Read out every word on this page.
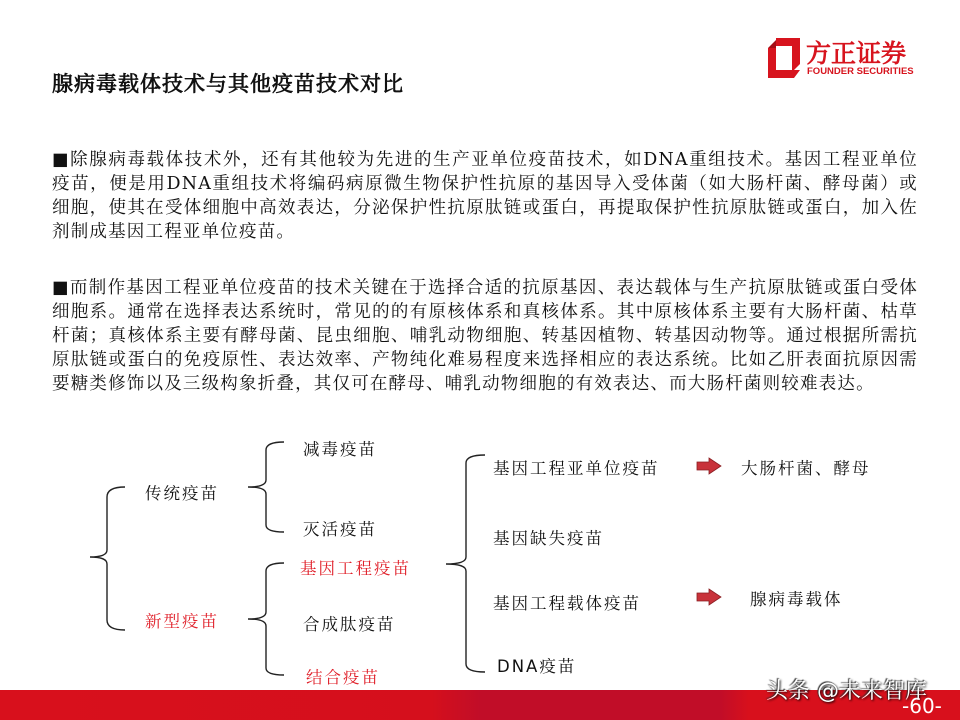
腺病毒载体技术与其他疫苗技术对比
方正证券
FOUNDER SECURITIES
■除腺病毒载体技术外，还有其他较为先进的生产亚单位疫苗技术，如DNA重组技术。基因工程亚单位疫苗，便是用DNA重组技术将编码病原微生物保护性抗原的基因导入受体菌（如大肠杆菌、酵母菌）或细胞，使其在受体细胞中高效表达，分泌保护性抗原肽链或蛋白，再提取保护性抗原肽链或蛋白，加入佐剂制成基因工程亚单位疫苗。
■而制作基因工程亚单位疫苗的技术关键在于选择合适的抗原基因、表达载体与生产抗原肽链或蛋白受体细胞系。通常在选择表达系统时，常见的的有原核体系和真核体系。其中原核体系主要有大肠杆菌、枯草杆菌；真核体系主要有酵母菌、昆虫细胞、哺乳动物细胞、转基因植物、转基因动物等。通过根据所需抗原肽链或蛋白的免疫原性、表达效率、产物纯化难易程度来选择相应的表达系统。比如乙肝表面抗原因需要糖类修饰以及三级构象折叠，其仅可在酵母、哺乳动物细胞的有效表达、而大肠杆菌则较难表达。
减毒疫苗
传统疫苗
灭活疫苗
基因工程疫苗
新型疫苗	合成肽疫苗
结合疫苗
基因工程亚单位疫苗
基因缺失疫苗
基因工程载体疫苗
DNA疫苗
大肠杆菌、酵母
腺病毒载体
头条 @未来智库
-60-
